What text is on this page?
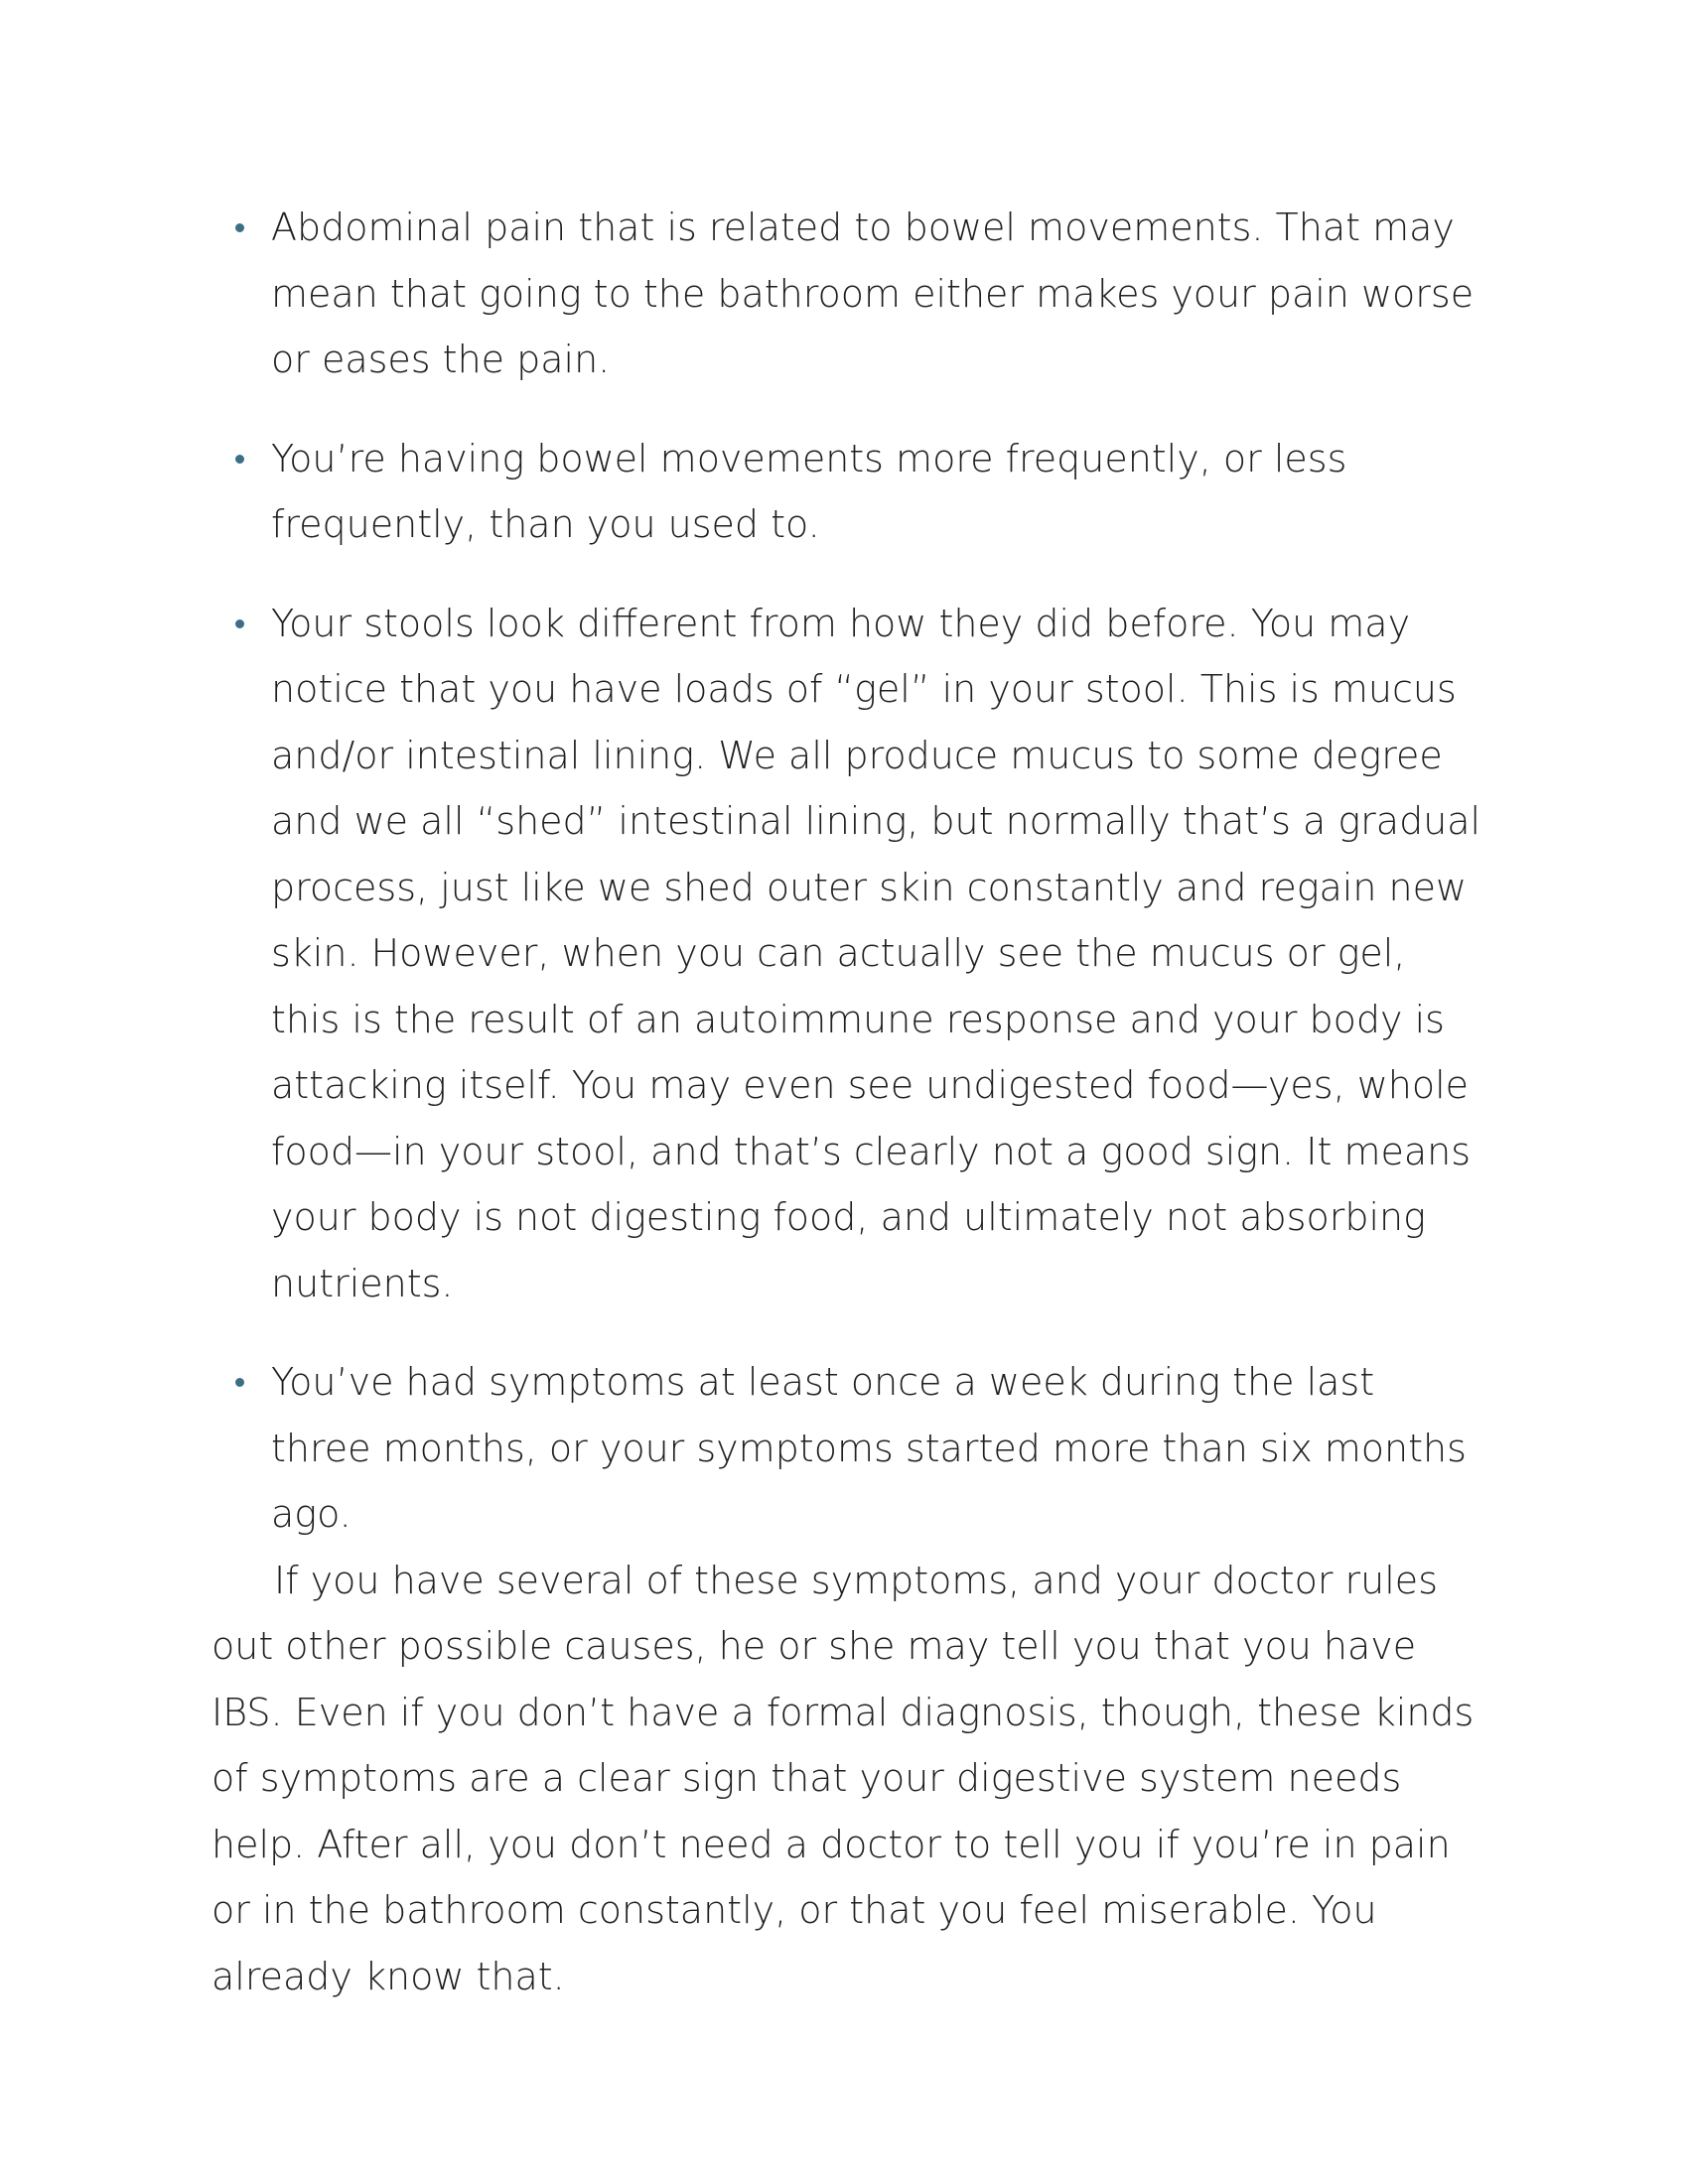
Abdominal pain that is related to bowel movements. That may mean that going to the bathroom either makes your pain worse or eases the pain.
You’re having bowel movements more frequently, or less frequently, than you used to.
Your stools look different from how they did before. You may notice that you have loads of “gel” in your stool. This is mucus and/or intestinal lining. We all produce mucus to some degree and we all “shed” intestinal lining, but normally that’s a gradual process, just like we shed outer skin constantly and regain new skin. However, when you can actually see the mucus or gel, this is the result of an autoimmune response and your body is attacking itself. You may even see undigested food—yes, whole food—in your stool, and that’s clearly not a good sign. It means your body is not digesting food, and ultimately not absorbing nutrients.
You’ve had symptoms at least once a week during the last three months, or your symptoms started more than six months ago.

If you have several of these symptoms, and your doctor rules out other possible causes, he or she may tell you that you have IBS. Even if you don’t have a formal diagnosis, though, these kinds of symptoms are a clear sign that your digestive system needs help. After all, you don’t need a doctor to tell you if you’re in pain or in the bathroom constantly, or that you feel miserable. You already know that.
